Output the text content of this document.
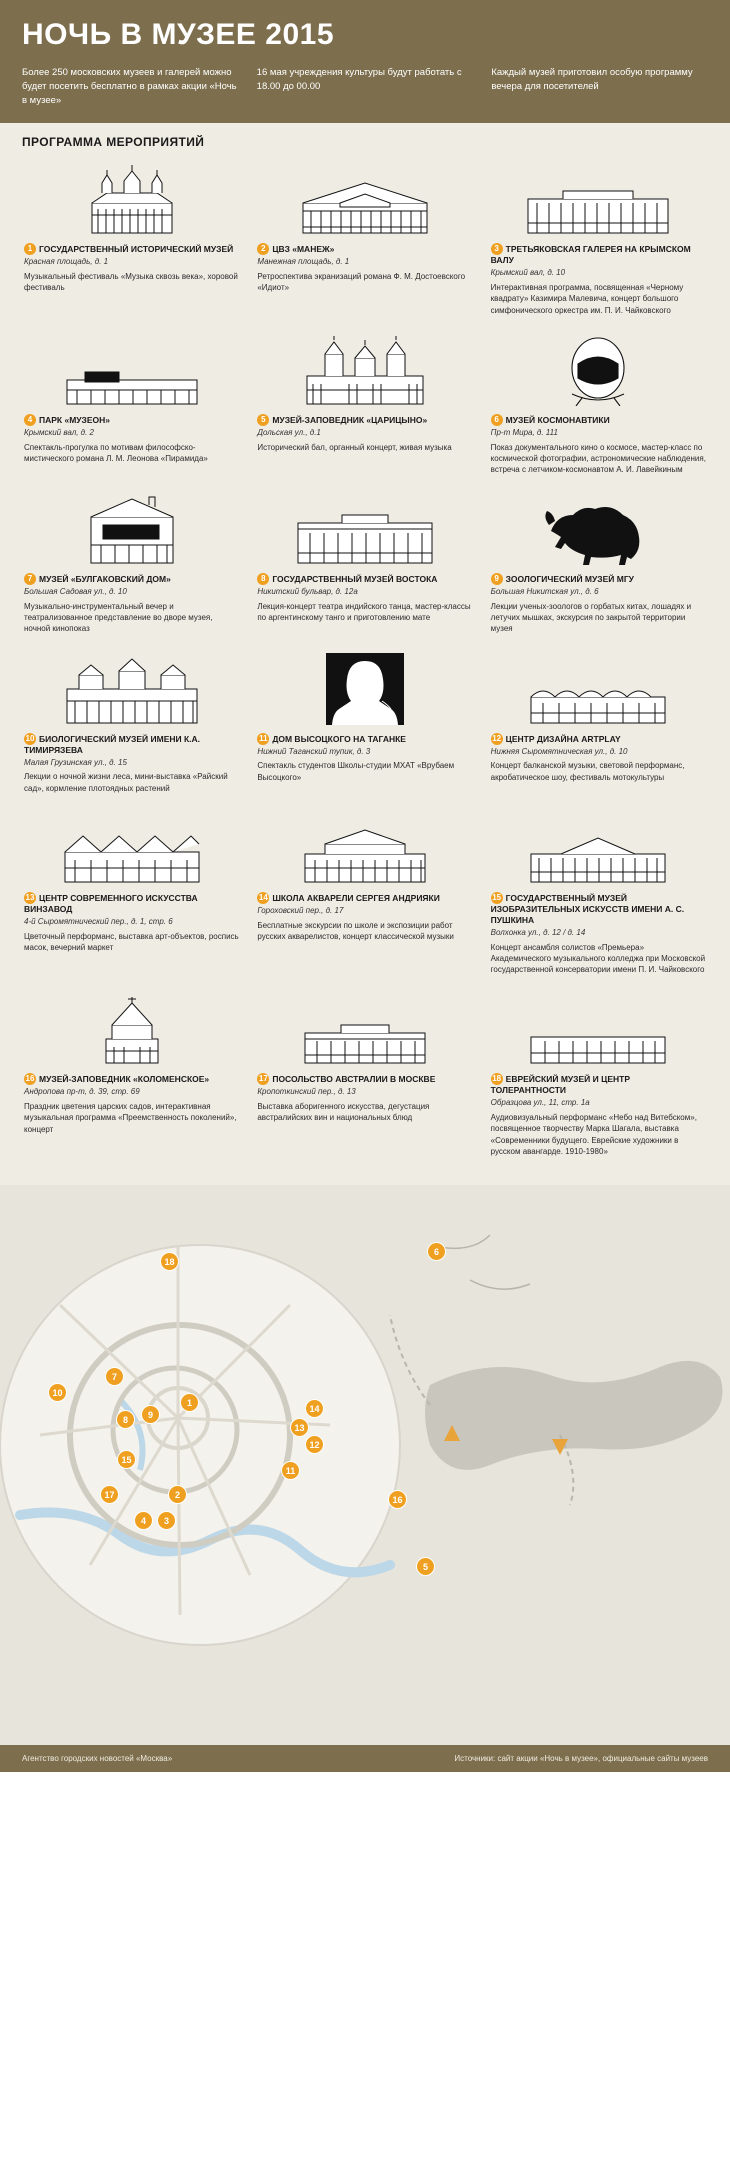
НОЧЬ В МУЗЕЕ 2015
Более 250 московских музеев и галерей можно будет посетить бесплатно в рамках акции «Ночь в музее»
16 мая учреждения культуры будут работать с 18.00 до 00.00
Каждый музей приготовил особую программу вечера для посетителей
ПРОГРАММА МЕРОПРИЯТИЙ
1 ГОСУДАРСТВЕННЫЙ ИСТОРИЧЕСКИЙ МУЗЕЙ
Красная площадь, д. 1
Музыкальный фестиваль «Музыка сквозь века», хоровой фестиваль
2 ЦВЗ «МАНЕЖ»
Манежная площадь, д. 1
Ретроспектива экранизаций романа Ф. М. Достоевского «Идиот»
3 ТРЕТЬЯКОВСКАЯ ГАЛЕРЕЯ НА КРЫМСКОМ ВАЛУ
Крымский вал, д. 10
Интерактивная программа, посвященная «Черному квадрату» Казимира Малевича, концерт большого симфонического оркестра им. П. И. Чайковского
4 ПАРК «МУЗЕОН»
Крымский вал, д. 2
Спектакль-прогулка по мотивам философско-мистического романа Л. М. Леонова «Пирамида»
5 МУЗЕЙ-ЗАПОВЕДНИК «ЦАРИЦЫНО»
Дольская ул., д.1
Исторический бал, органный концерт, живая музыка
6 МУЗЕЙ КОСМОНАВТИКИ
Пр-т Мира, д. 111
Показ документального кино о космосе, мастер-класс по космической фотографии, астрономические наблюдения, встреча с летчиком-космонавтом А. И. Лавейкиным
7 МУЗЕЙ «БУЛГАКОВСКИЙ ДОМ»
Большая Садовая ул., д. 10
Музыкально-инструментальный вечер и театрализованное представление во дворе музея, ночной кинопоказ
8 ГОСУДАРСТВЕННЫЙ МУЗЕЙ ВОСТОКА
Никитский бульвар, д. 12а
Лекция-концерт театра индийского танца, мастер-классы по аргентинскому танго и приготовлению мате
9 ЗООЛОГИЧЕСКИЙ МУЗЕЙ МГУ
Большая Никитская ул., д. 6
Лекции ученых-зоологов о горбатых китах, лошадях и летучих мышках, экскурсия по закрытой территории музея
10 БИОЛОГИЧЕСКИЙ МУЗЕЙ ИМЕНИ К.А. ТИМИРЯЗЕВА
Малая Грузинская ул., д. 15
Лекции о ночной жизни леса, мини-выставка «Райский сад», кормление плотоядных растений
11 ДОМ ВЫСОЦКОГО НА ТАГАНКЕ
Нижний Таганский тупик, д. 3
Спектакль студентов Школы-студии МХАТ «Врубаем Высоцкого»
12 ЦЕНТР ДИЗАЙНА ARTPLAY
Нижняя Сыромятническая ул., д. 10
Концерт балканской музыки, световой перформанс, акробатическое шоу, фестиваль мотокультуры
13 ЦЕНТР СОВРЕМЕННОГО ИСКУССТВА ВИНЗАВОД
4-й Сыромятнический пер., д. 1, стр. 6
Цветочный перформанс, выставка арт-объектов, роспись масок, вечерний маркет
14 ШКОЛА АКВАРЕЛИ СЕРГЕЯ АНДРИЯКИ
Гороховский пер., д. 17
Бесплатные экскурсии по школе и экспозиции работ русских акварелистов, концерт классической музыки
15 ГОСУДАРСТВЕННЫЙ МУЗЕЙ ИЗОБРАЗИТЕЛЬНЫХ ИСКУССТВ ИМЕНИ А. С. ПУШКИНА
Волхонка ул., д. 12 / д. 14
Концерт ансамбля солистов «Премьера» Академического музыкального колледжа при Московской государственной консерватории имени П. И. Чайковского
16 МУЗЕЙ-ЗАПОВЕДНИК «КОЛОМЕНСКОЕ»
Андропова пр-т, д. 39, стр. 69
Праздник цветения царских садов, интерактивная музыкальная программа «Преемственность поколений», концерт
17 ПОСОЛЬСТВО АВСТРАЛИИ В МОСКВЕ
Кропоткинский пер., д. 13
Выставка аборигенного искусства, дегустация австралийских вин и национальных блюд
18 ЕВРЕЙСКИЙ МУЗЕЙ И ЦЕНТР ТОЛЕРАНТНОСТИ
Образцова ул., 11, стр. 1а
Аудиовизуальный перформанс «Небо над Витебском», посвященное творчеству Марка Шагала, выставка «Современники будущего. Еврейские художники в русском авангарде. 1910-1980»
18
6
10
7
8	9
1
14
13
12
15
11
17	16
4	3
2
5
Агентство городских новостей «Москва»	Источники: сайт акции «Ночь в музее», официальные сайты музеев
